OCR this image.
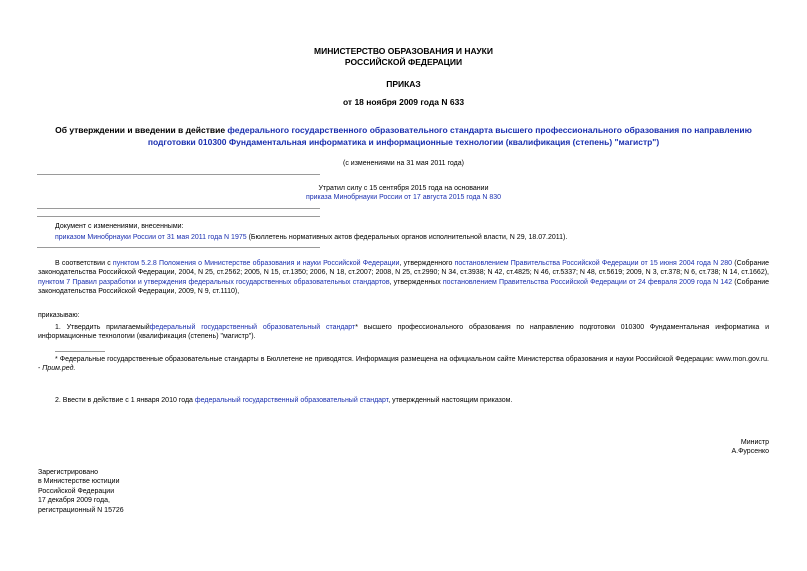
МИНИСТЕРСТВО ОБРАЗОВАНИЯ И НАУКИ
РОССИЙСКОЙ ФЕДЕРАЦИИ
ПРИКАЗ
от 18 ноября 2009 года N 633
Об утверждении и введении в действие федерального государственного образовательного стандарта высшего профессионального образования по направлению подготовки 010300 Фундаментальная информатика и информационные технологии (квалификация (степень) "магистр")
(с изменениями на 31 мая 2011 года)
Утратил силу с 15 сентября 2015 года на основании
приказа Минобрнауки России от 17 августа 2015 года N 830
Документ с изменениями, внесенными:
приказом Минобрнауки России от 31 мая 2011 года N 1975 (Бюллетень нормативных актов федеральных органов исполнительной власти, N 29, 18.07.2011).
В соответствии с пунктом 5.2.8 Положения о Министерстве образования и науки Российской Федерации, утвержденного постановлением Правительства Российской Федерации от 15 июня 2004 года N 280 (Собрание законодательства Российской Федерации, 2004, N 25, ст.2562; 2005, N 15, ст.1350; 2006, N 18, ст.2007; 2008, N 25, ст.2990; N 34, ст.3938; N 42, ст.4825; N 46, ст.5337; N 48, ст.5619; 2009, N 3, ст.378; N 6, ст.738; N 14, ст.1662), пунктом 7 Правил разработки и утверждения федеральных государственных образовательных стандартов, утвержденных постановлением Правительства Российской Федерации от 24 февраля 2009 года N 142 (Собрание законодательства Российской Федерации, 2009, N 9, ст.1110),
приказываю:
1. Утвердить прилагаемыйфедеральный государственный образовательный стандарт* высшего профессионального образования по направлению подготовки 010300 Фундаментальная информатика и информационные технологии (квалификация (степень) "магистр").
* Федеральные государственные образовательные стандарты в Бюллетене не приводятся. Информация размещена на официальном сайте Министерства образования и науки Российской Федерации: www.mon.gov.ru. - Прим.ред.
2. Ввести в действие с 1 января 2010 года федеральный государственный образовательный стандарт, утвержденный настоящим приказом.
Министр
А.Фурсенко
Зарегистрировано
в Министерстве юстиции
Российской Федерации
17 декабря 2009 года,
регистрационный N 15726
